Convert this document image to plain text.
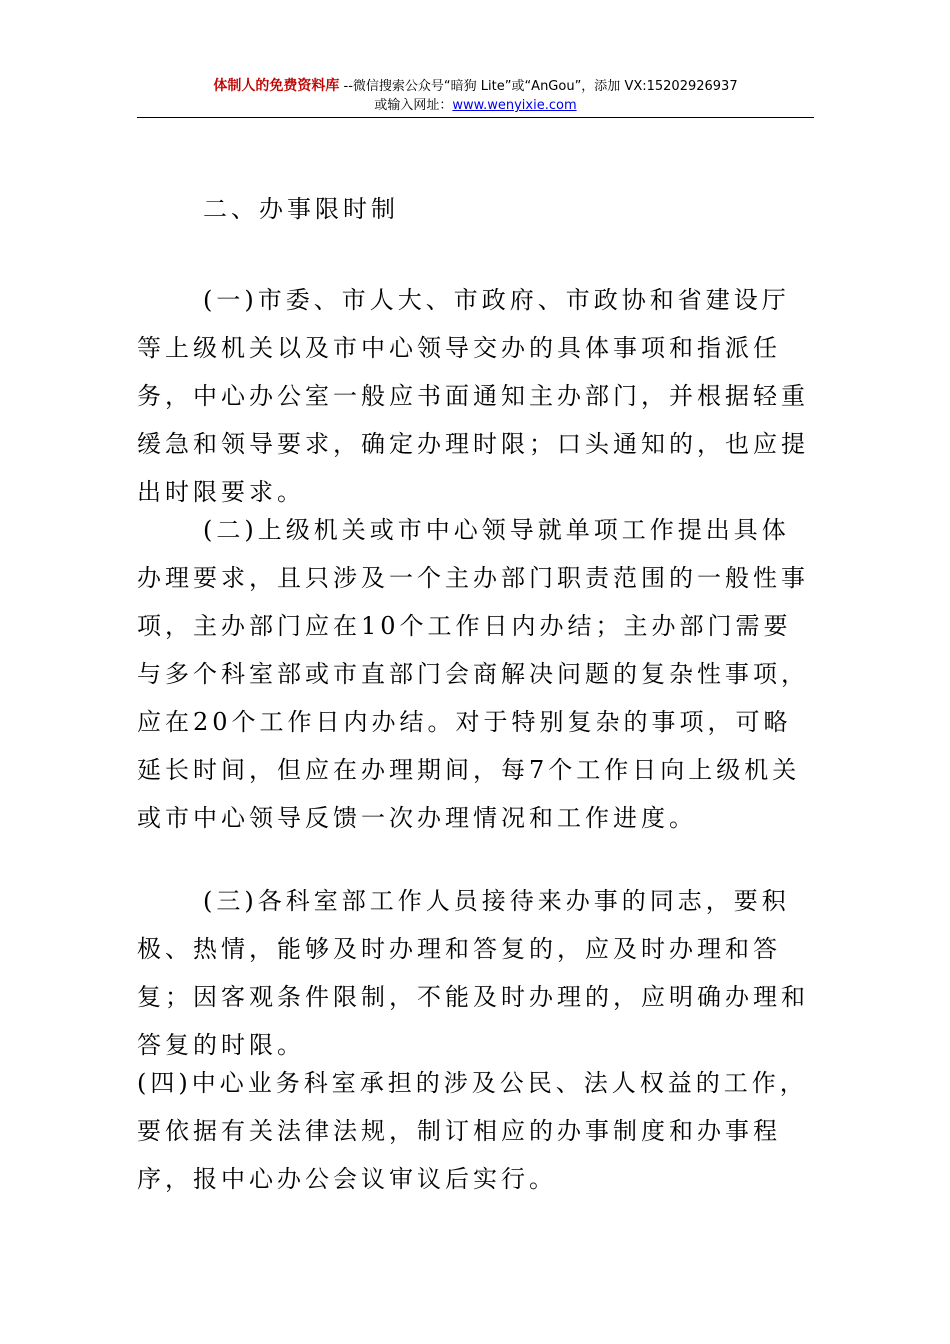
体制人的免费资料库 --微信搜索公众号“暗狗 Lite”或“AnGou”，添加 VX:15202926937
或输入网址：www.wenyixie.com

二、办事限时制

(一)市委、市人大、市政府、市政协和省建设厅等上级机关以及市中心领导交办的具体事项和指派任务，中心办公室一般应书面通知主办部门，并根据轻重缓急和领导要求，确定办理时限；口头通知的，也应提出时限要求。

(二)上级机关或市中心领导就单项工作提出具体办理要求，且只涉及一个主办部门职责范围的一般性事项，主办部门应在10个工作日内办结；主办部门需要与多个科室部或市直部门会商解决问题的复杂性事项，应在20个工作日内办结。对于特别复杂的事项，可略延长时间，但应在办理期间，每7个工作日向上级机关或市中心领导反馈一次办理情况和工作进度。

(三)各科室部工作人员接待来办事的同志，要积极、热情，能够及时办理和答复的，应及时办理和答复；因客观条件限制，不能及时办理的，应明确办理和答复的时限。

(四)中心业务科室承担的涉及公民、法人权益的工作，要依据有关法律法规，制订相应的办事制度和办事程序，报中心办公会议审议后实行。
